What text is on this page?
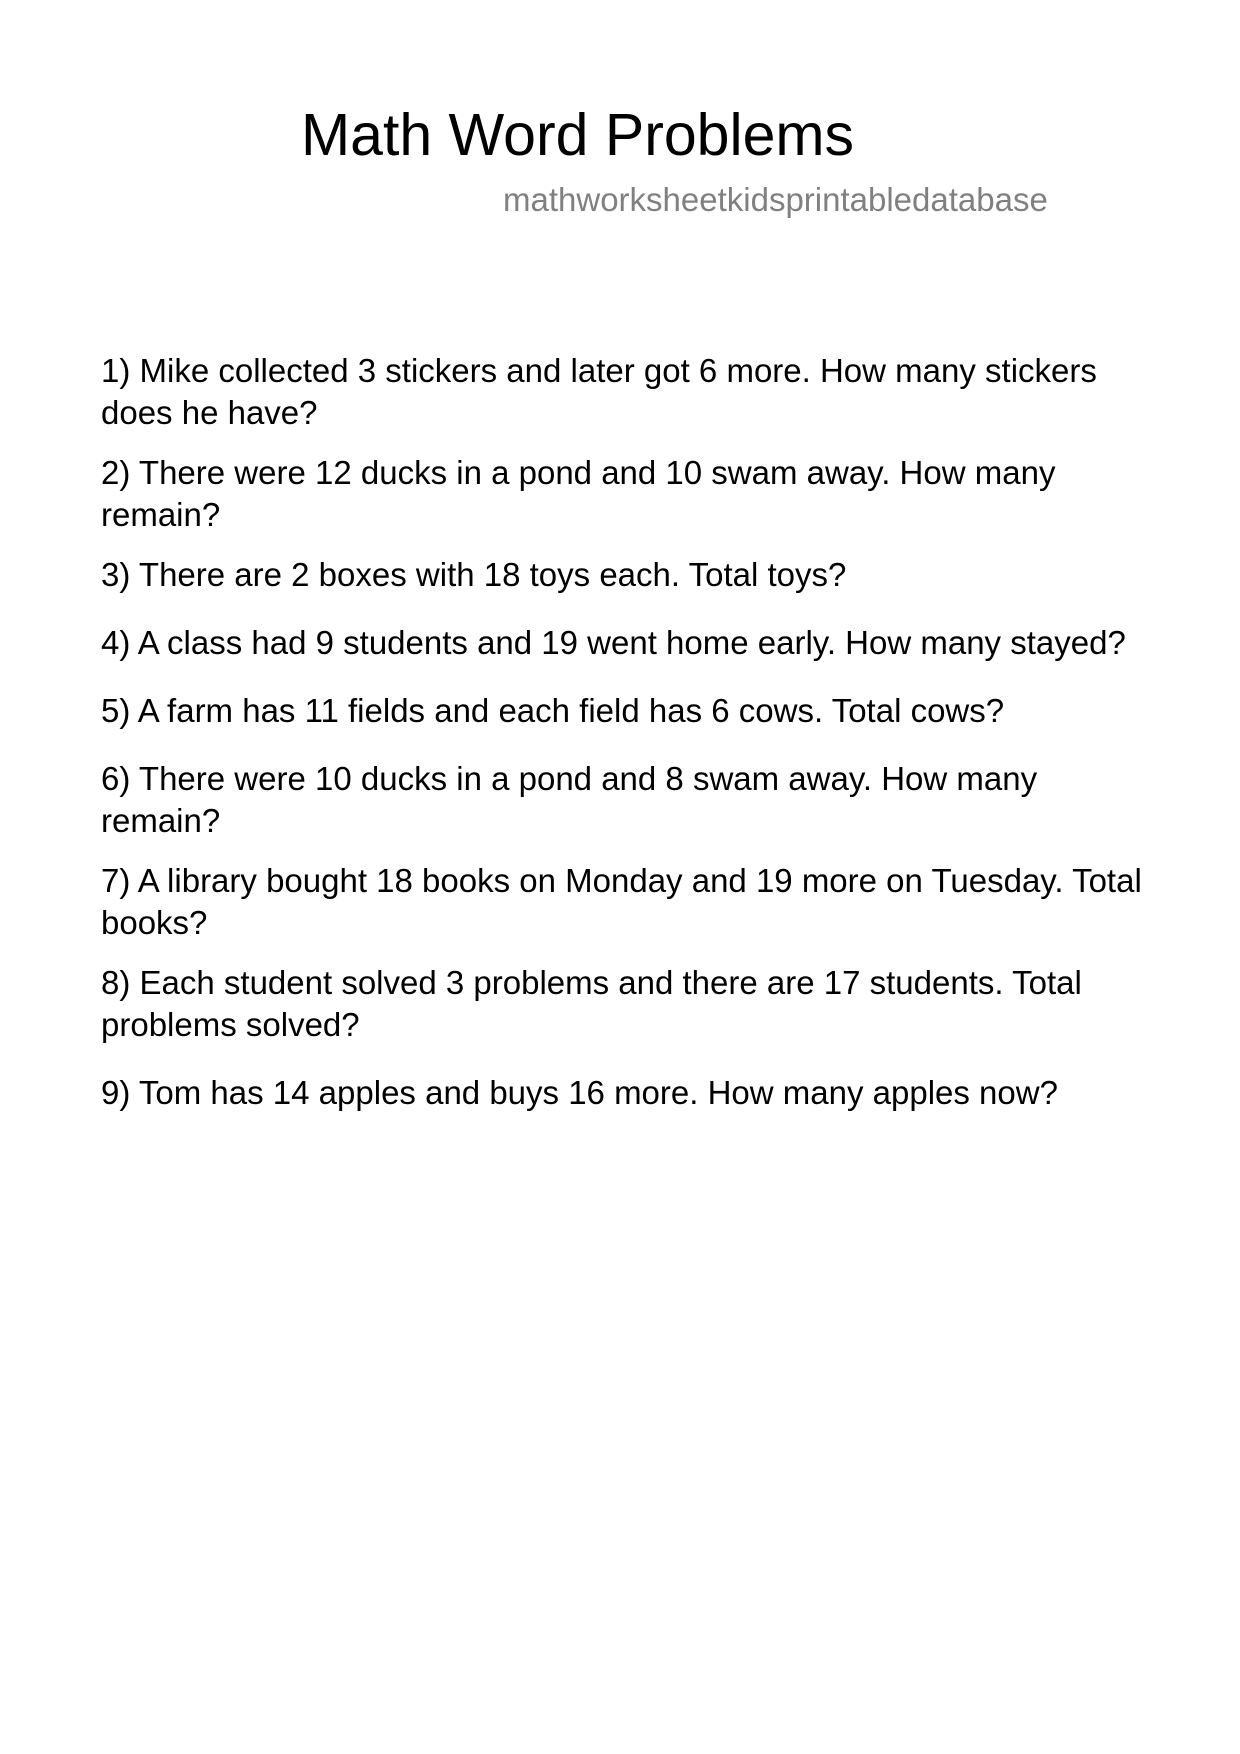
Math Word Problems
mathworksheetkidsprintabledatabase
1) Mike collected 3 stickers and later got 6 more. How many stickers does he have?
2) There were 12 ducks in a pond and 10 swam away. How many remain?
3) There are 2 boxes with 18 toys each. Total toys?
4) A class had 9 students and 19 went home early. How many stayed?
5) A farm has 11 fields and each field has 6 cows. Total cows?
6) There were 10 ducks in a pond and 8 swam away. How many remain?
7) A library bought 18 books on Monday and 19 more on Tuesday. Total books?
8) Each student solved 3 problems and there are 17 students. Total problems solved?
9) Tom has 14 apples and buys 16 more. How many apples now?
